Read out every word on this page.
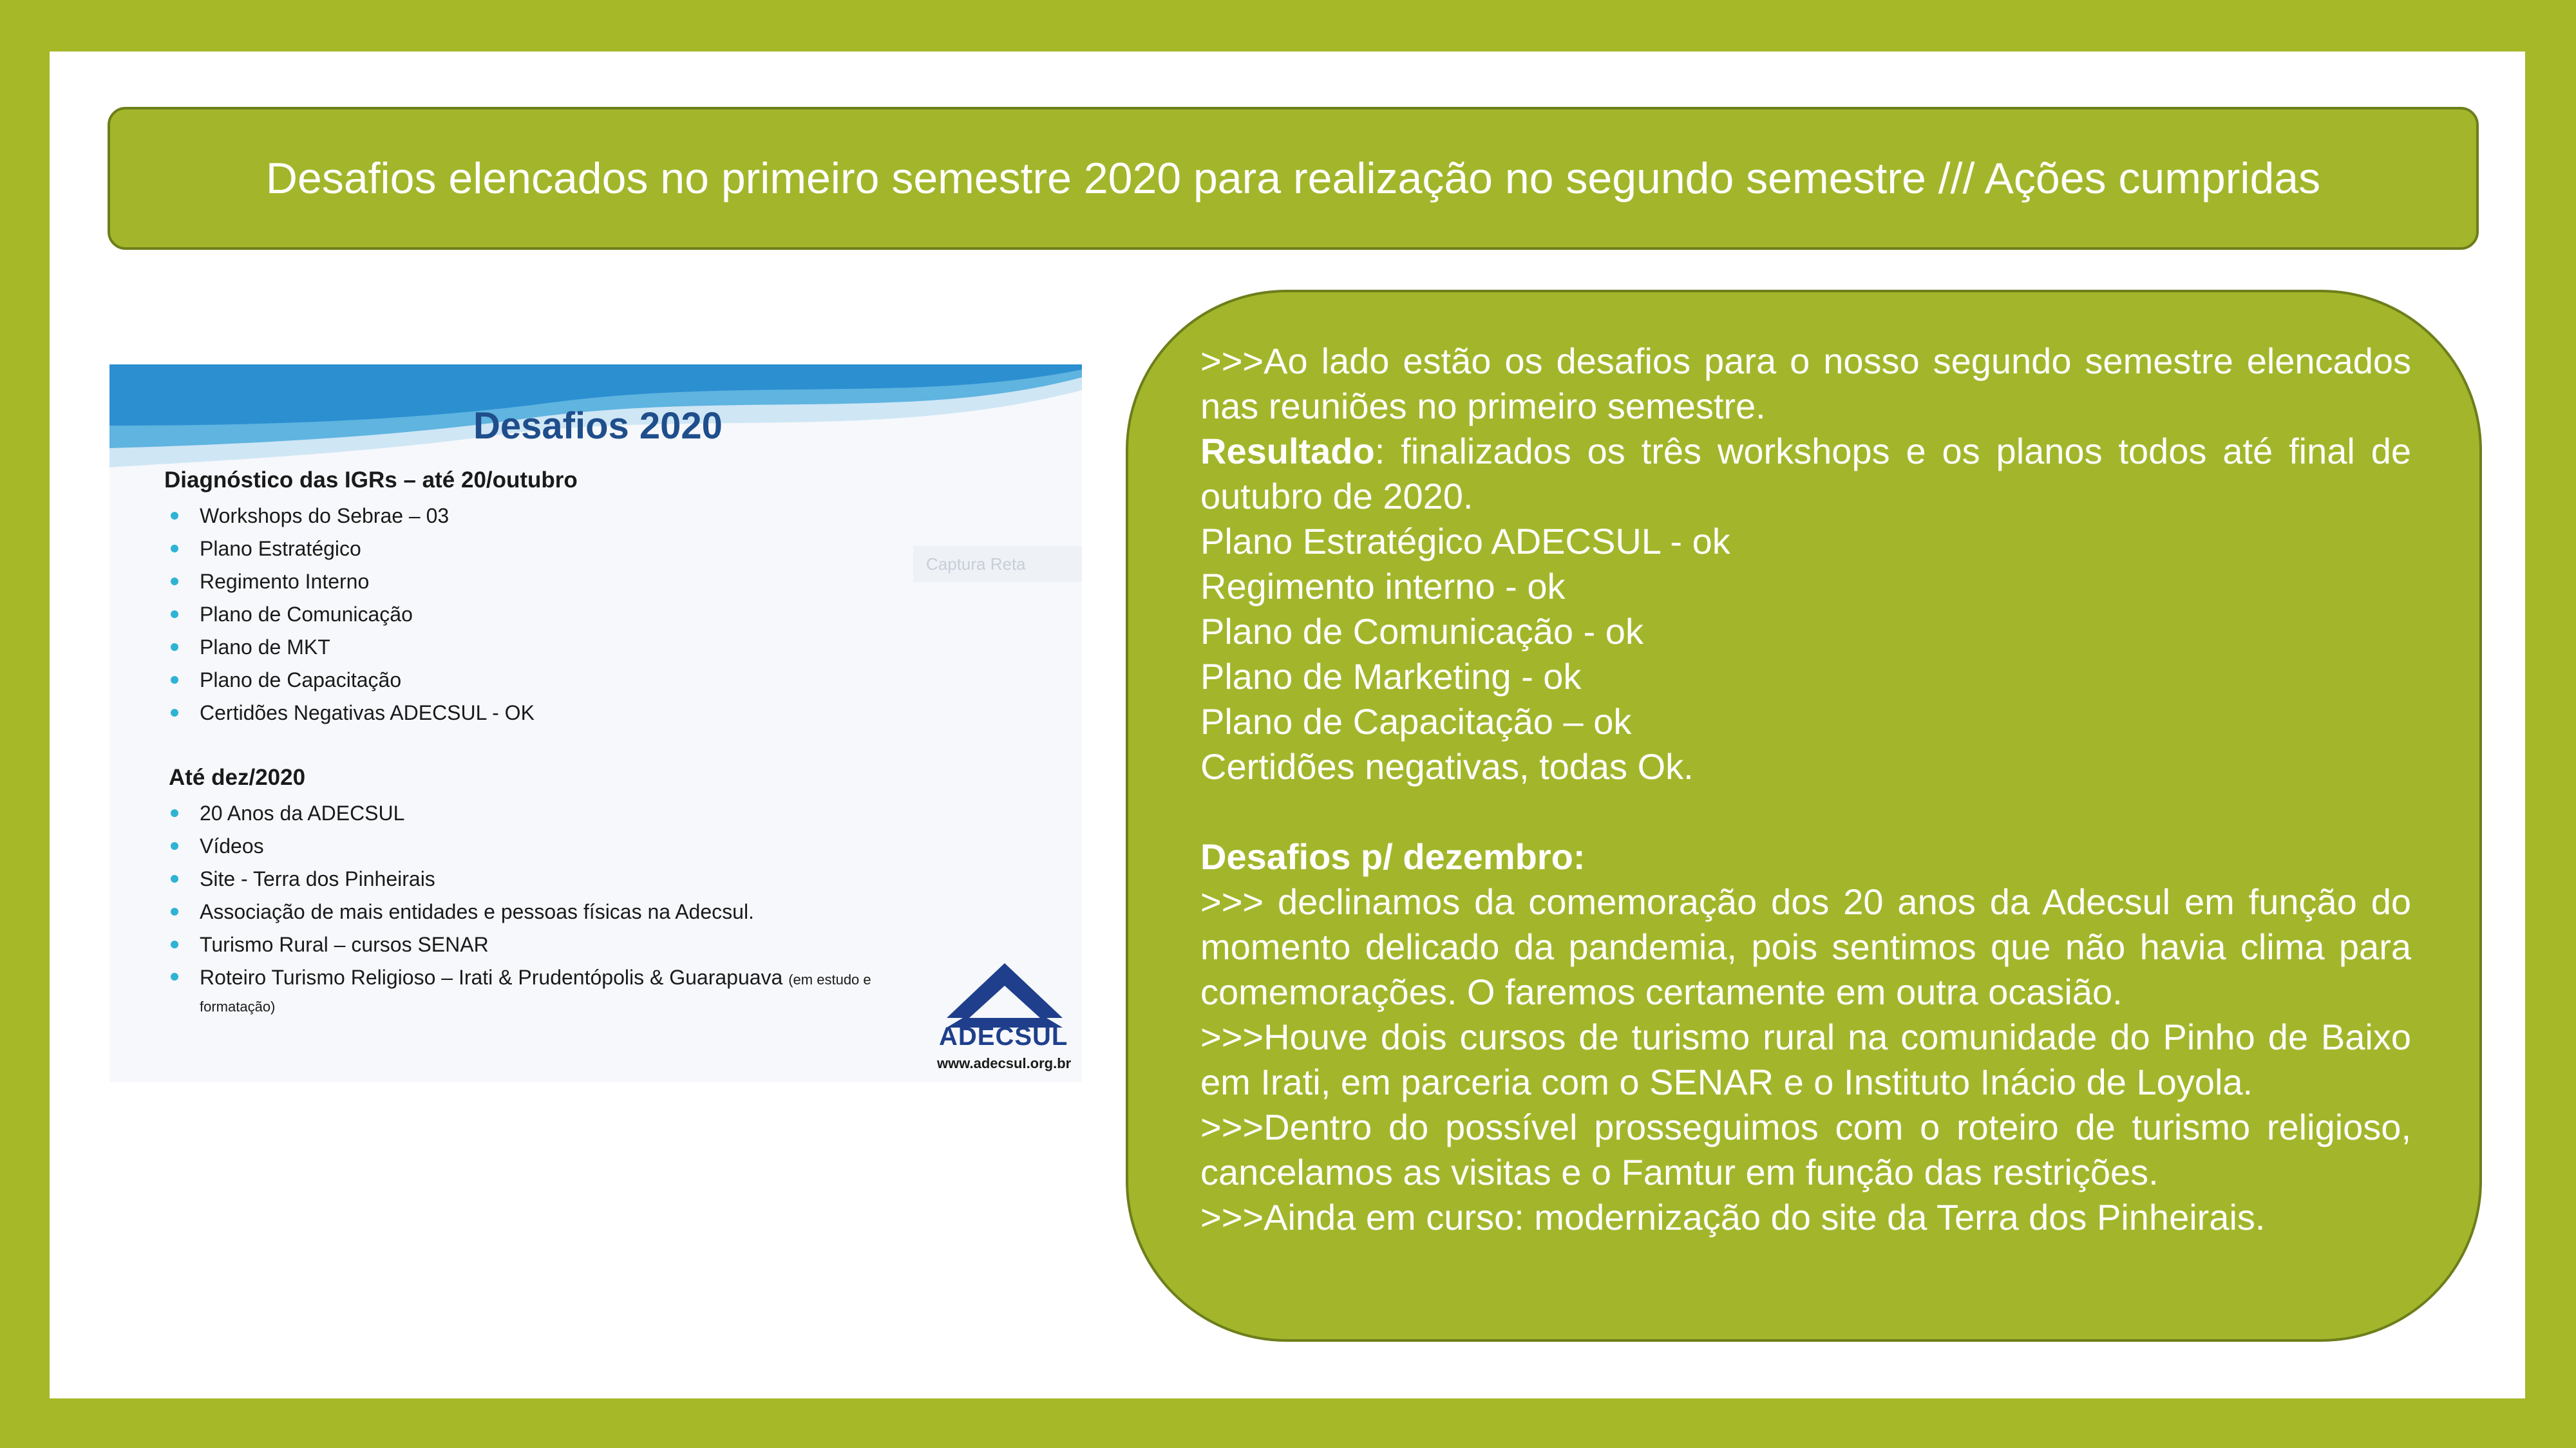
Desafios elencados no primeiro semestre 2020 para realização no segundo semestre /// Ações cumpridas
Captura Reta
Desafios 2020
Diagnóstico das IGRs – até 20/outubro
Workshops do Sebrae – 03
Plano Estratégico
Regimento Interno
Plano de Comunicação
Plano de MKT
Plano de Capacitação
Certidões Negativas ADECSUL - OK
Até dez/2020
20 Anos da ADECSUL
Vídeos
Site - Terra dos Pinheirais
Associação de mais entidades e pessoas físicas na Adecsul.
Turismo Rural – cursos SENAR
Roteiro Turismo Religioso – Irati & Prudentópolis & Guarapuava (em estudo e formatação)
ADECSUL
www.adecsul.org.br

>>>Ao lado estão os desafios para o nosso segundo semestre elencados nas reuniões no primeiro semestre.

Resultado: finalizados os três workshops e os planos todos até final de outubro de 2020.

Plano Estratégico ADECSUL - ok

Regimento interno - ok

Plano de Comunicação - ok

Plano de Marketing - ok

Plano de Capacitação – ok

Certidões negativas, todas Ok.

Desafios p/ dezembro:

>>> declinamos da comemoração dos 20 anos da Adecsul em função do momento delicado da pandemia, pois sentimos que não havia clima para comemorações. O faremos certamente em outra ocasião.

>>>Houve dois cursos de turismo rural na comunidade do Pinho de Baixo em Irati, em parceria com o SENAR e o Instituto Inácio de Loyola.

>>>Dentro do possível prosseguimos com o roteiro de turismo religioso, cancelamos as visitas e o Famtur em função das restrições.

>>>Ainda em curso: modernização do site da Terra dos Pinheirais.
